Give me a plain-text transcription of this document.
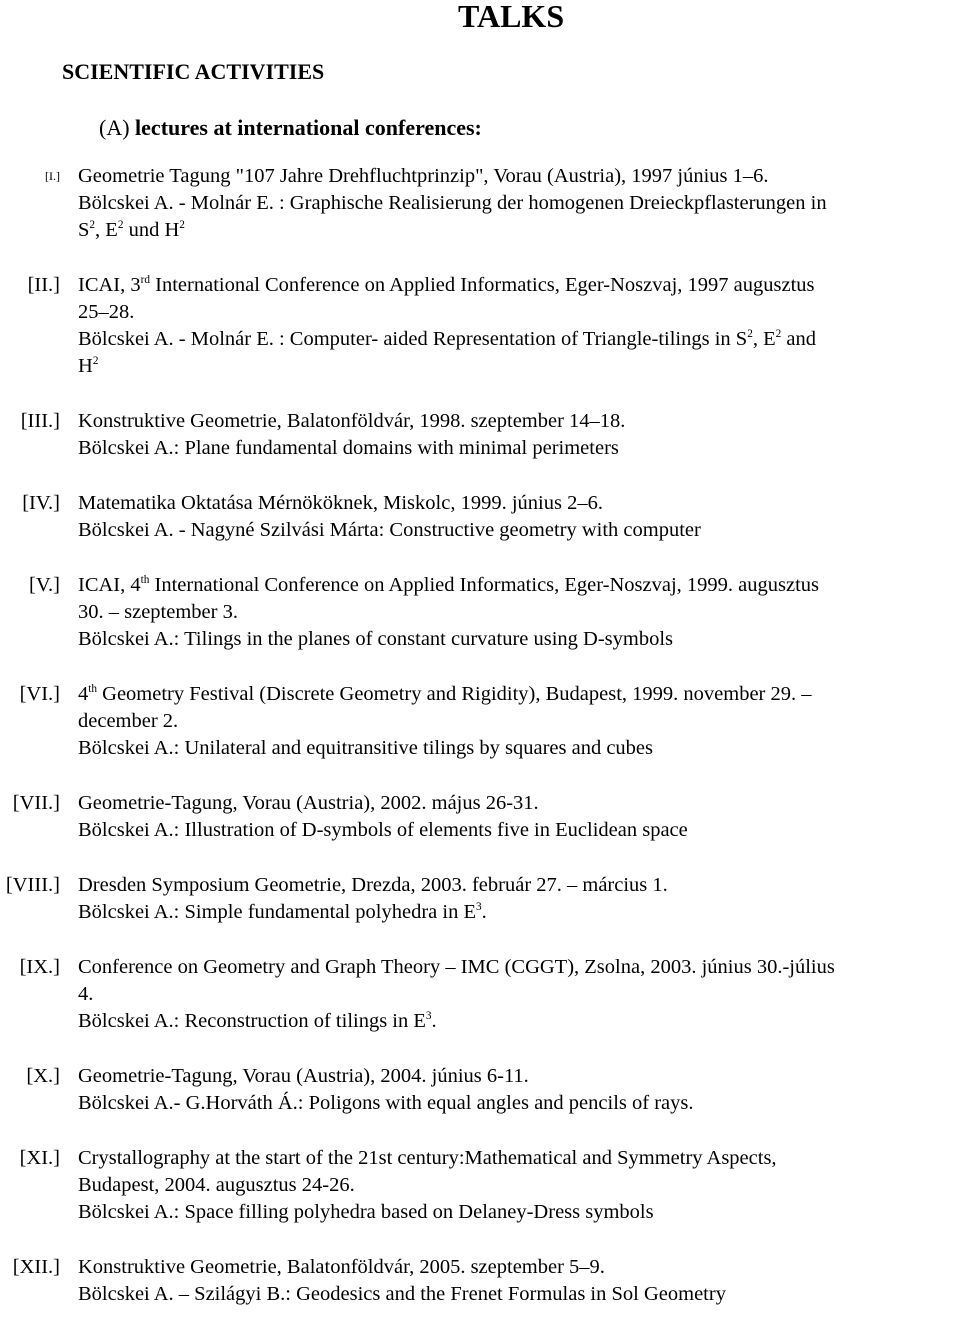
TALKS
SCIENTIFIC ACTIVITIES
(A) lectures at international conferences:
[I.] Geometrie Tagung "107 Jahre Drehfluchtprinzip", Vorau (Austria), 1997 június 1–6.
Bölcskei A. - Molnár E. : Graphische Realisierung der homogenen Dreieckpflasterungen in
$S^2$, $E^2$ und $H^2$
[II.] ICAI, 3rd International Conference on Applied Informatics, Eger-Noszvaj, 1997 augusztus
25–28.
Bölcskei A. - Molnár E. : Computer- aided Representation of Triangle-tilings in $S^2$, $E^2$ and
$H^2$
[III.] Konstruktive Geometrie, Balatonföldvár, 1998. szeptember 14–18.
Bölcskei A.: Plane fundamental domains with minimal perimeters
[IV.] Matematika Oktatása Mérnököknek, Miskolc, 1999. június 2–6.
Bölcskei A. - Nagyné Szilvási Márta: Constructive geometry with computer
[V.] ICAI, 4th International Conference on Applied Informatics, Eger-Noszvaj, 1999. augusztus
30. – szeptember 3.
Bölcskei A.: Tilings in the planes of constant curvature using D-symbols
[VI.] 4th Geometry Festival (Discrete Geometry and Rigidity), Budapest, 1999. november 29. –
december 2.
Bölcskei A.: Unilateral and equitransitive tilings by squares and cubes
[VII.] Geometrie-Tagung, Vorau (Austria), 2002. május 26-31.
Bölcskei A.: Illustration of D-symbols of elements five in Euclidean space
[VIII.] Dresden Symposium Geometrie, Drezda, 2003. február 27. – március 1.
Bölcskei A.: Simple fundamental polyhedra in $E^3$.
[IX.] Conference on Geometry and Graph Theory – IMC (CGGT), Zsolna, 2003. június 30.-július
4.
Bölcskei A.: Reconstruction of tilings in $E^3$.
[X.] Geometrie-Tagung, Vorau (Austria), 2004. június 6-11.
Bölcskei A.- G.Horváth Á.: Poligons with equal angles and pencils of rays.
[XI.] Crystallography at the start of the 21st century:Mathematical and Symmetry Aspects,
Budapest, 2004. augusztus 24-26.
Bölcskei A.: Space filling polyhedra based on Delaney-Dress symbols
[XII.] Konstruktive Geometrie, Balatonföldvár, 2005. szeptember 5–9.
Bölcskei A. – Szilágyi B.: Geodesics and the Frenet Formulas in Sol Geometry
